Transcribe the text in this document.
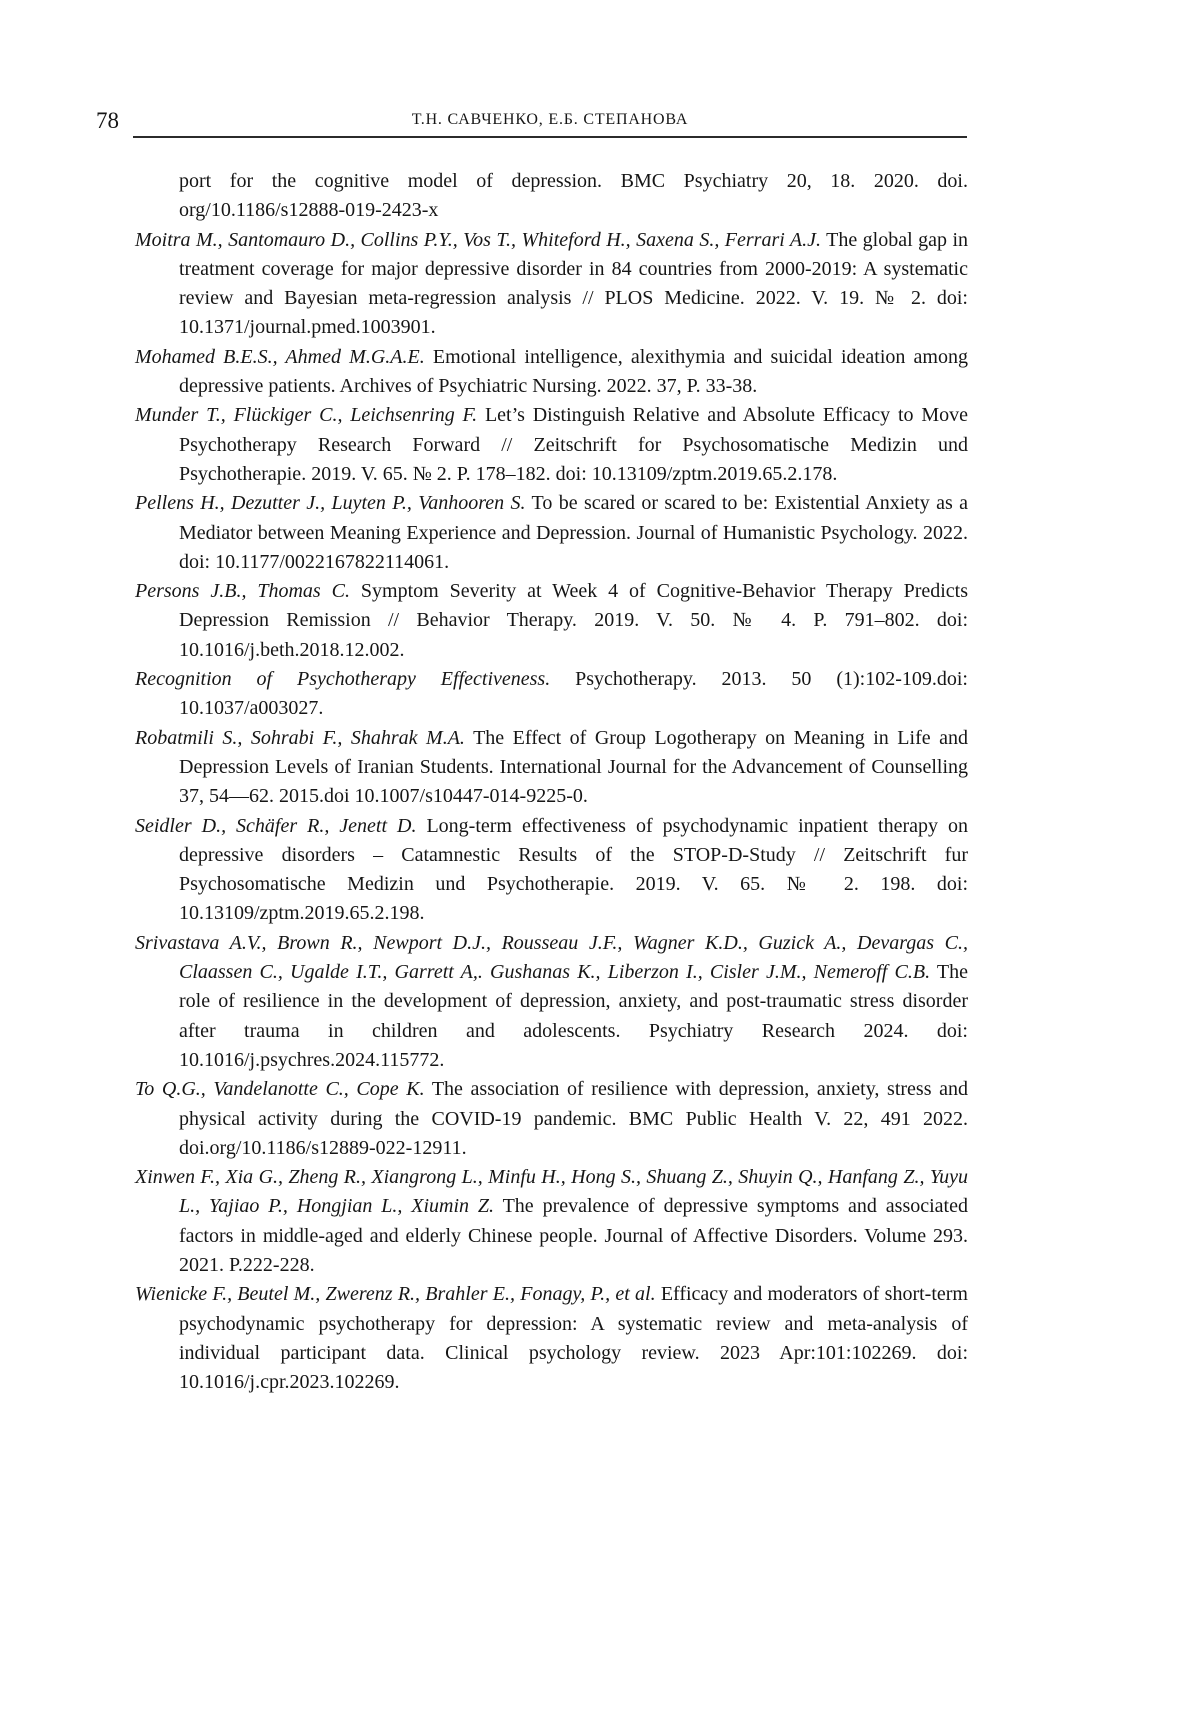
78	Т.Н. САВЧЕНКО, Е.Б. СТЕПАНОВА

port for the cognitive model of depression. BMC Psychiatry 20, 18. 2020. doi. org/10.1186/s12888-019-2423-x

Moitra M., Santomauro D., Collins P.Y., Vos T., Whiteford H., Saxena S., Ferrari A.J. The global gap in treatment coverage for major depressive disorder in 84 countries from 2000-2019: A systematic review and Bayesian meta-regression analysis // PLOS Medicine. 2022. V. 19. № 2. doi: 10.1371/journal.pmed.1003901.

Mohamed B.E.S., Ahmed M.G.A.E. Emotional intelligence, alexithymia and suicidal ideation among depressive patients. Archives of Psychiatric Nursing. 2022. 37, P. 33-38.

Munder T., Flückiger C., Leichsenring F. Let’s Distinguish Relative and Absolute Efficacy to Move Psychotherapy Research Forward // Zeitschrift for Psychosomatische Medizin und Psychotherapie. 2019. V. 65. № 2. P. 178–182. doi: 10.13109/zptm.2019.65.2.178.

Pellens H., Dezutter J., Luyten P., Vanhooren S. To be scared or scared to be: Existential Anxiety as a Mediator between Meaning Experience and Depression. Journal of Humanistic Psychology. 2022. doi: 10.1177/0022167822114061.

Persons J.B., Thomas C. Symptom Severity at Week 4 of Cognitive-Behavior Therapy Predicts Depression Remission // Behavior Therapy. 2019. V. 50. № 4. P. 791–802. doi: 10.1016/j.beth.2018.12.002.

Recognition of Psychotherapy Effectiveness. Psychotherapy. 2013. 50 (1):102-109.doi: 10.1037/a003027.

Robatmili S., Sohrabi F., Shahrak M.A. The Effect of Group Logotherapy on Meaning in Life and Depression Levels of Iranian Students. International Journal for the Advancement of Counselling 37, 54—62. 2015.doi 10.1007/s10447-014-9225-0.

Seidler D., Schäfer R., Jenett D. Long-term effectiveness of psychodynamic inpatient therapy on depressive disorders – Catamnestic Results of the STOP-D-Study // Zeitschrift fur Psychosomatische Medizin und Psychotherapie. 2019. V. 65. № 2. 198. doi: 10.13109/zptm.2019.65.2.198.

Srivastava A.V., Brown R., Newport D.J., Rousseau J.F., Wagner K.D., Guzick A., Devargas C., Claassen C., Ugalde I.T., Garrett A,. Gushanas K., Liberzon I., Cisler J.M., Nemeroff C.B. The role of resilience in the development of depression, anxiety, and post-traumatic stress disorder after trauma in children and adolescents. Psychiatry Research 2024. doi: 10.1016/j.psychres.2024.115772.

To Q.G., Vandelanotte C., Cope K. The association of resilience with depression, anxiety, stress and physical activity during the COVID-19 pandemic. BMC Public Health V. 22, 491 2022. doi.org/10.1186/s12889-022-12911.

Xinwen F., Xia G., Zheng R., Xiangrong L., Minfu H., Hong S., Shuang Z., Shuyin Q., Hanfang Z., Yuyu L., Yajiao P., Hongjian L., Xiumin Z. The prevalence of depressive symptoms and associated factors in middle-aged and elderly Chinese people. Journal of Affective Disorders. Volume 293. 2021. P.222-228.

Wienicke F., Beutel M., Zwerenz R., Brahler E., Fonagy, P., et al. Efficacy and moderators of short-term psychodynamic psychotherapy for depression: A systematic review and meta-analysis of individual participant data. Clinical psychology review. 2023 Apr:101:102269. doi: 10.1016/j.cpr.2023.102269.
